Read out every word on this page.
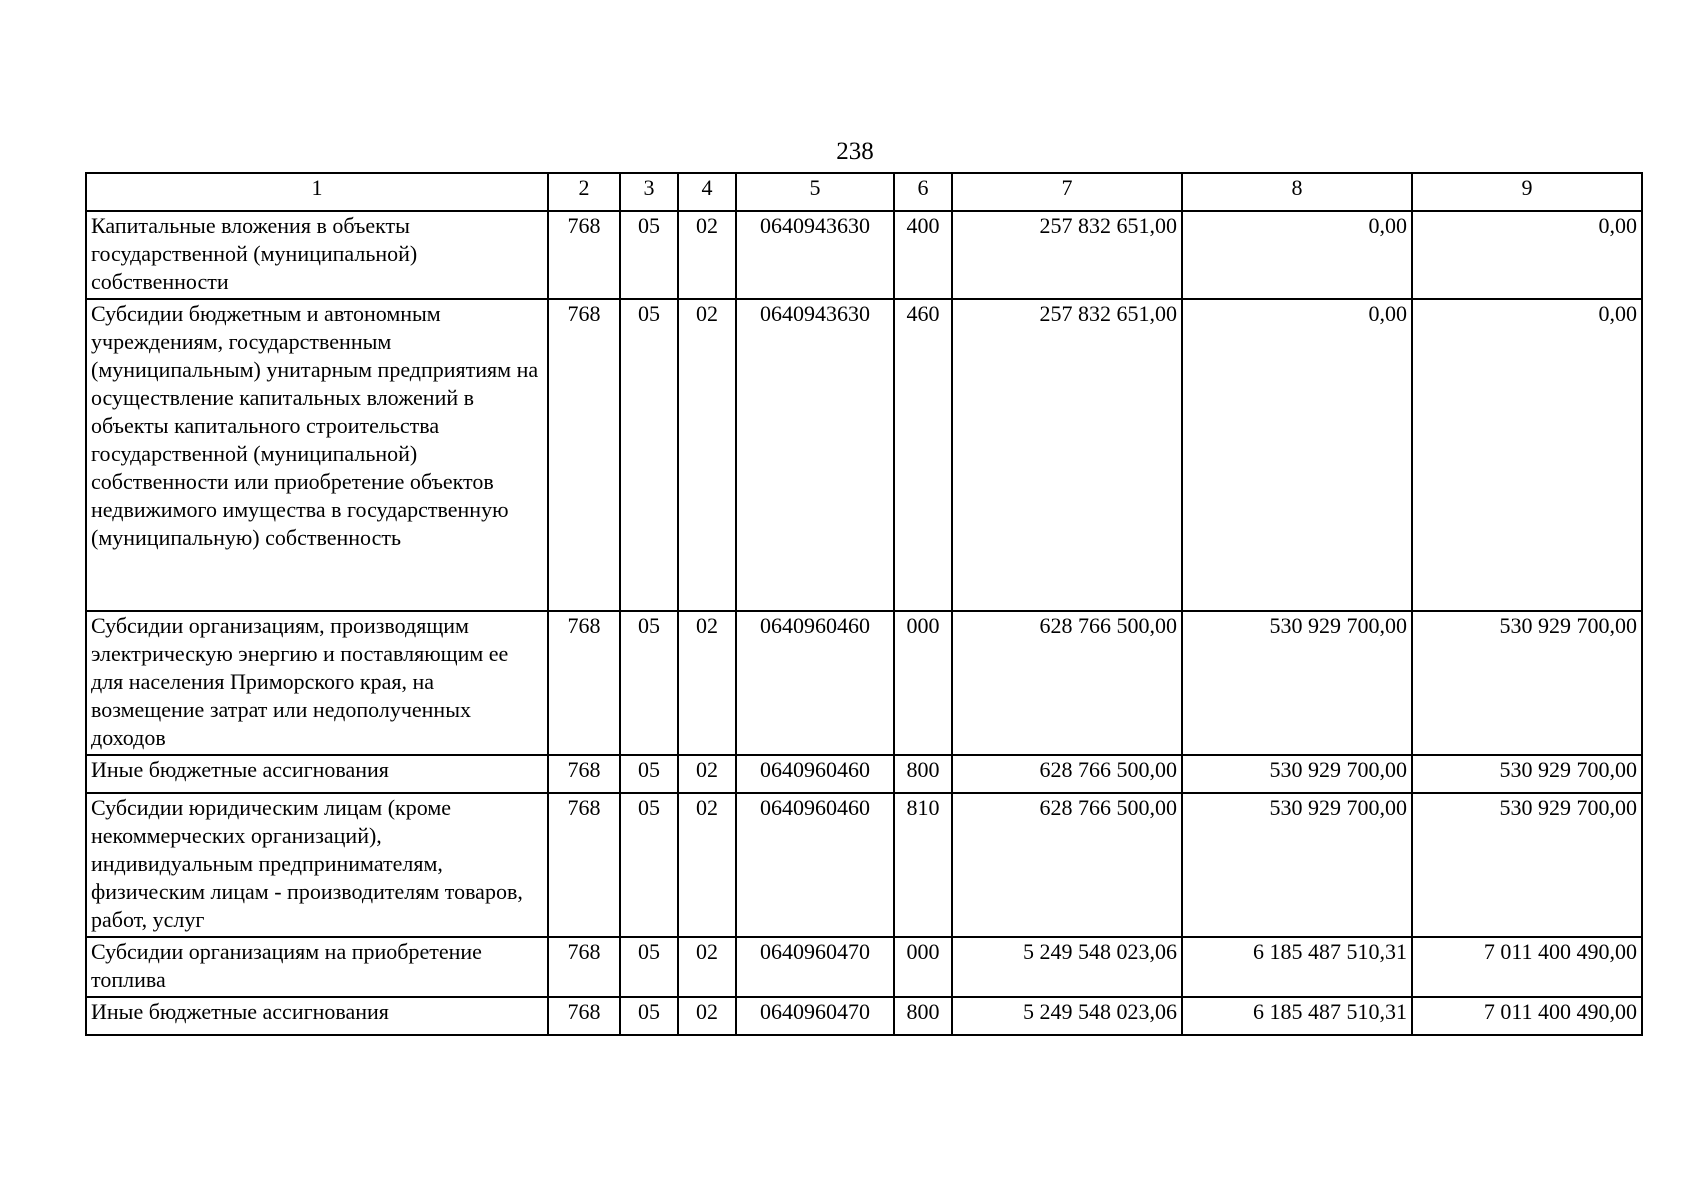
238
1	2	3	4	5	6	7	8	9
Капитальные вложения в объекты государственной (муниципальной) собственности	768	05	02	0640943630	400	257 832 651,00	0,00	0,00
Субсидии бюджетным и автономным учреждениям, государственным (муниципальным) унитарным предприятиям на осуществление капитальных вложений в объекты капитального строительства государственной (муниципальной) собственности или приобретение объектов недвижимого имущества в государственную (муниципальную) собственность	768	05	02	0640943630	460	257 832 651,00	0,00	0,00
Субсидии организациям, производящим электрическую энергию и поставляющим ее для населения Приморского края, на возмещение затрат или недополученных доходов	768	05	02	0640960460	000	628 766 500,00	530 929 700,00	530 929 700,00
Иные бюджетные ассигнования	768	05	02	0640960460	800	628 766 500,00	530 929 700,00	530 929 700,00
Субсидии юридическим лицам (кроме некоммерческих организаций), индивидуальным предпринимателям, физическим лицам - производителям товаров, работ, услуг	768	05	02	0640960460	810	628 766 500,00	530 929 700,00	530 929 700,00
Субсидии организациям на приобретение топлива	768	05	02	0640960470	000	5 249 548 023,06	6 185 487 510,31	7 011 400 490,00
Иные бюджетные ассигнования	768	05	02	0640960470	800	5 249 548 023,06	6 185 487 510,31	7 011 400 490,00
